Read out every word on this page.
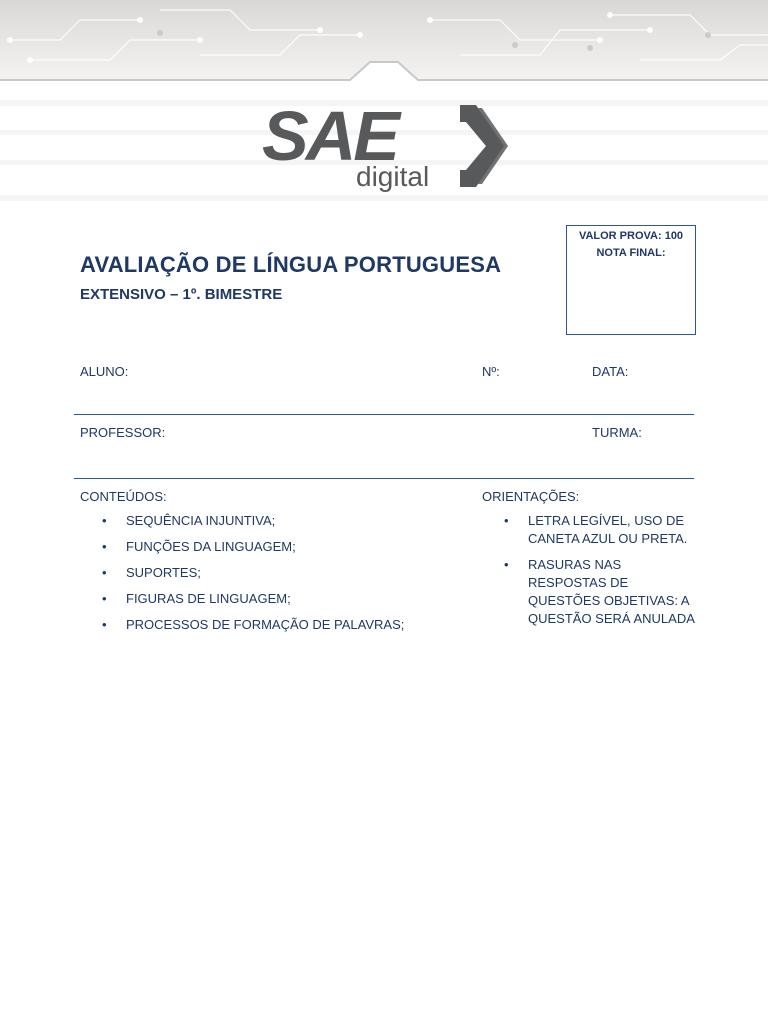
SAE
digital
VALOR PROVA: 100
NOTA FINAL:
AVALIAÇÃO DE LÍNGUA PORTUGUESA
EXTENSIVO – 1º. BIMESTRE
ALUNO:	Nº:	DATA:
PROFESSOR:	TURMA:
CONTEÚDOS:
• SEQUÊNCIA INJUNTIVA;
• FUNÇÕES DA LINGUAGEM;
• SUPORTES;
• FIGURAS DE LINGUAGEM;
• PROCESSOS DE FORMAÇÃO DE PALAVRAS;
ORIENTAÇÕES:
• LETRA LEGÍVEL, USO DE CANETA AZUL OU PRETA.
• RASURAS NAS RESPOSTAS DE QUESTÕES OBJETIVAS: A QUESTÃO SERÁ ANULADA
